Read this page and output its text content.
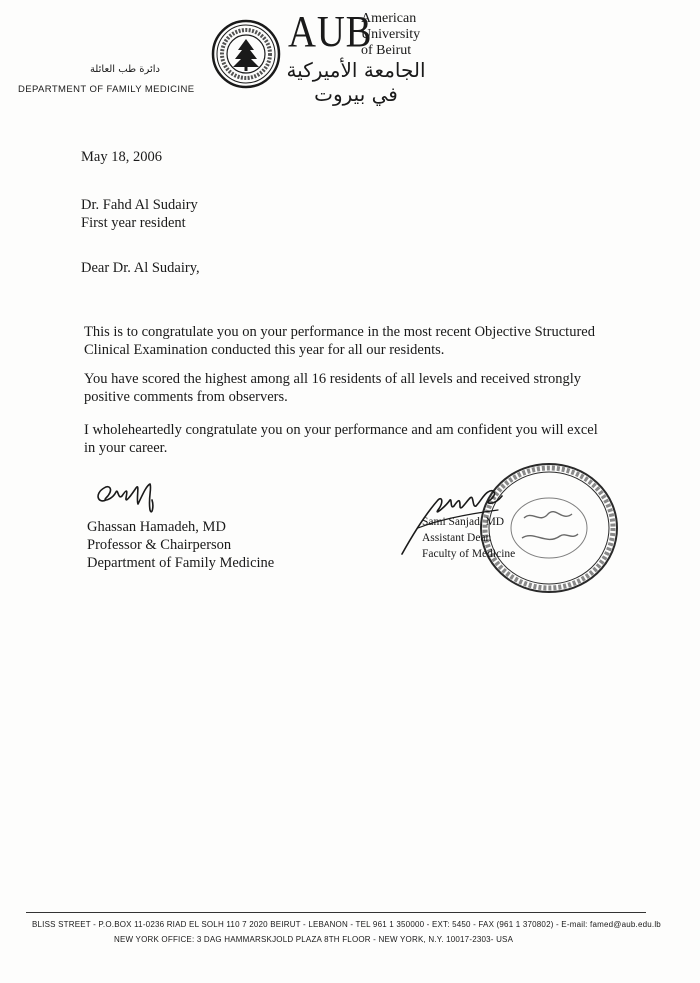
دائرة طب العائلة
DEPARTMENT OF FAMILY MEDICINE
AUB
American
University
of Beirut
الجامعة الأميركية في بيروت
May 18, 2006
Dr. Fahd Al Sudairy
First year resident
Dear Dr. Al Sudairy,
This is to congratulate you on your performance in the most recent Objective Structured
Clinical Examination conducted this year for all our residents.
You have scored the highest among all 16 residents of all levels and received strongly
positive comments from observers.
I wholeheartedly congratulate you on your performance and am confident you will excel
in your career.
Ghassan Hamadeh, MD
Professor & Chairperson
Department of Family Medicine
Sami Sanjad, MD
Assistant Dean
Faculty of Medicine
BLISS STREET - P.O.BOX 11-0236 RIAD EL SOLH 110 7 2020 BEIRUT - LEBANON - TEL 961 1 350000 - EXT: 5450 - FAX (961 1 370802) - E-mail: famed@aub.edu.lb
NEW YORK OFFICE: 3 DAG HAMMARSKJOLD PLAZA 8TH FLOOR - NEW YORK, N.Y. 10017-2303- USA
